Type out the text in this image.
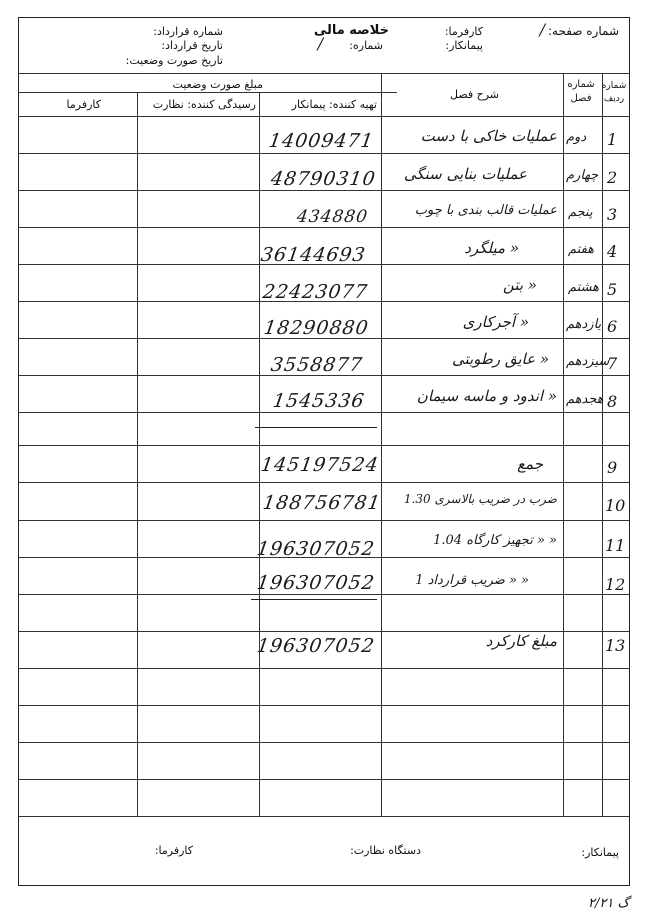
شماره صفحه:
/
خلاصه مالی	کارفرما:
پیمانکار:
شماره:
/
شماره قرارداد:
تاریخ قرارداد:
تاریخ صورت وضعیت:
شماره ردیف
شماره فصل
شرح فصل
مبلغ صورت وضعیت
تهیه کننده: پیمانکار
رسیدگی کننده: نظارت
کارفرما
1
دوم
عملیات خاکی با دست
14009471
2
چهارم
عملیات بنایی سنگی
48790310
3
پنجم
عملیات قالب بندی با چوب
434880
4
هفتم
« میلگرد
36144693
5
هشتم
« بتن
22423077
6
یازدهم
« آجرکاری
18290880
7
سیزدهم
« عایق رطوبتی
3558877
8
هجدهم
« اندود و ماسه سیمان
1545336
9
جمع
145197524
10
ضرب در ضریب بالاسری 1.30
188756781
11
« « تجهیز کارگاه 1.04
196307052
12
« « ضریب قرارداد 1
196307052
13
مبلغ کارکرد
196307052
پیمانکار:
دستگاه نظارت:
کارفرما:
گ ۲/۲۱
